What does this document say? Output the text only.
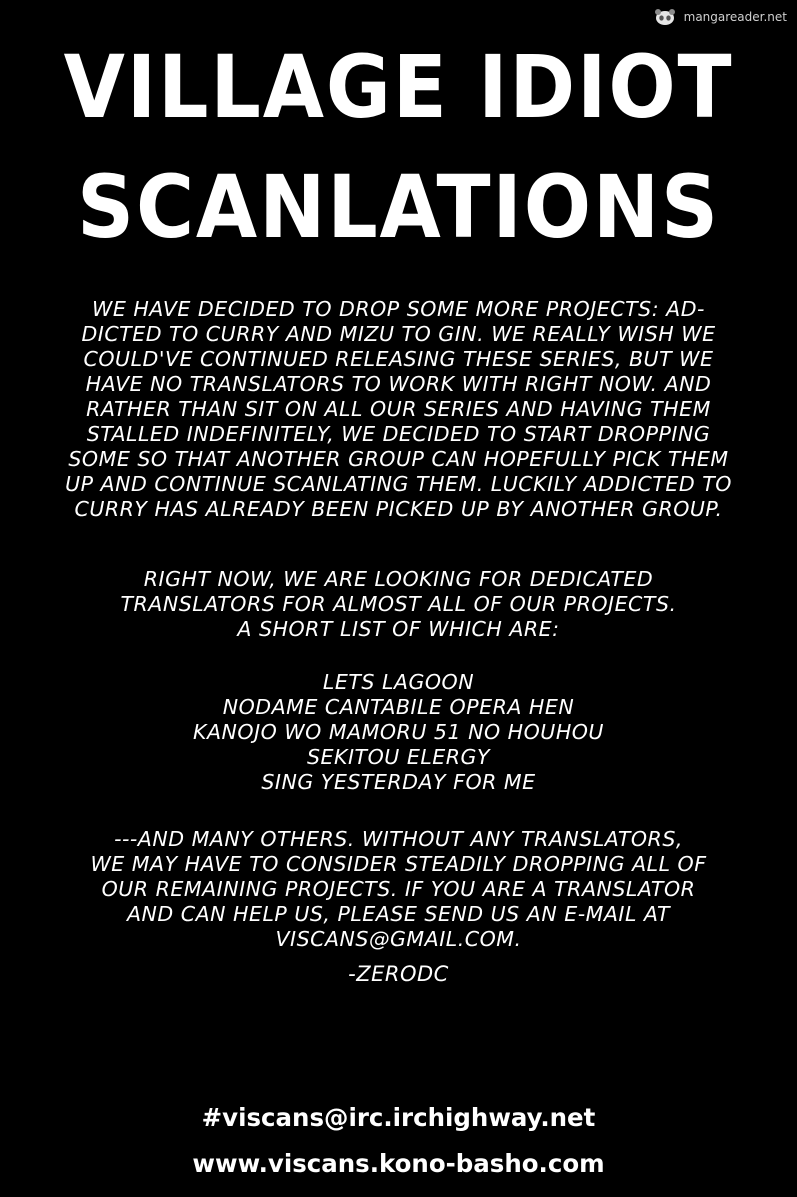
mangareader.net
VILLAGE IDIOT
SCANLATIONS
WE HAVE DECIDED TO DROP SOME MORE PROJECTS: AD-
DICTED TO CURRY AND MIZU TO GIN. WE REALLY WISH WE
COULD'VE CONTINUED RELEASING THESE SERIES, BUT WE
HAVE NO TRANSLATORS TO WORK WITH RIGHT NOW. AND
RATHER THAN SIT ON ALL OUR SERIES AND HAVING THEM
STALLED INDEFINITELY, WE DECIDED TO START DROPPING
SOME SO THAT ANOTHER GROUP CAN HOPEFULLY PICK THEM
UP AND CONTINUE SCANLATING THEM. LUCKILY ADDICTED TO
CURRY HAS ALREADY BEEN PICKED UP BY ANOTHER GROUP.
RIGHT NOW, WE ARE LOOKING FOR DEDICATED
TRANSLATORS FOR ALMOST ALL OF OUR PROJECTS.
A SHORT LIST OF WHICH ARE:
LETS LAGOON
NODAME CANTABILE OPERA HEN
KANOJO WO MAMORU 51 NO HOUHOU
SEKITOU ELERGY
SING YESTERDAY FOR ME
---AND MANY OTHERS. WITHOUT ANY TRANSLATORS,
WE MAY HAVE TO CONSIDER STEADILY DROPPING ALL OF
OUR REMAINING PROJECTS. IF YOU ARE A TRANSLATOR
AND CAN HELP US, PLEASE SEND US AN E-MAIL AT
VISCANS@GMAIL.COM.
-ZERODC
#viscans@irc.irchighway.net
www.viscans.kono-basho.com
